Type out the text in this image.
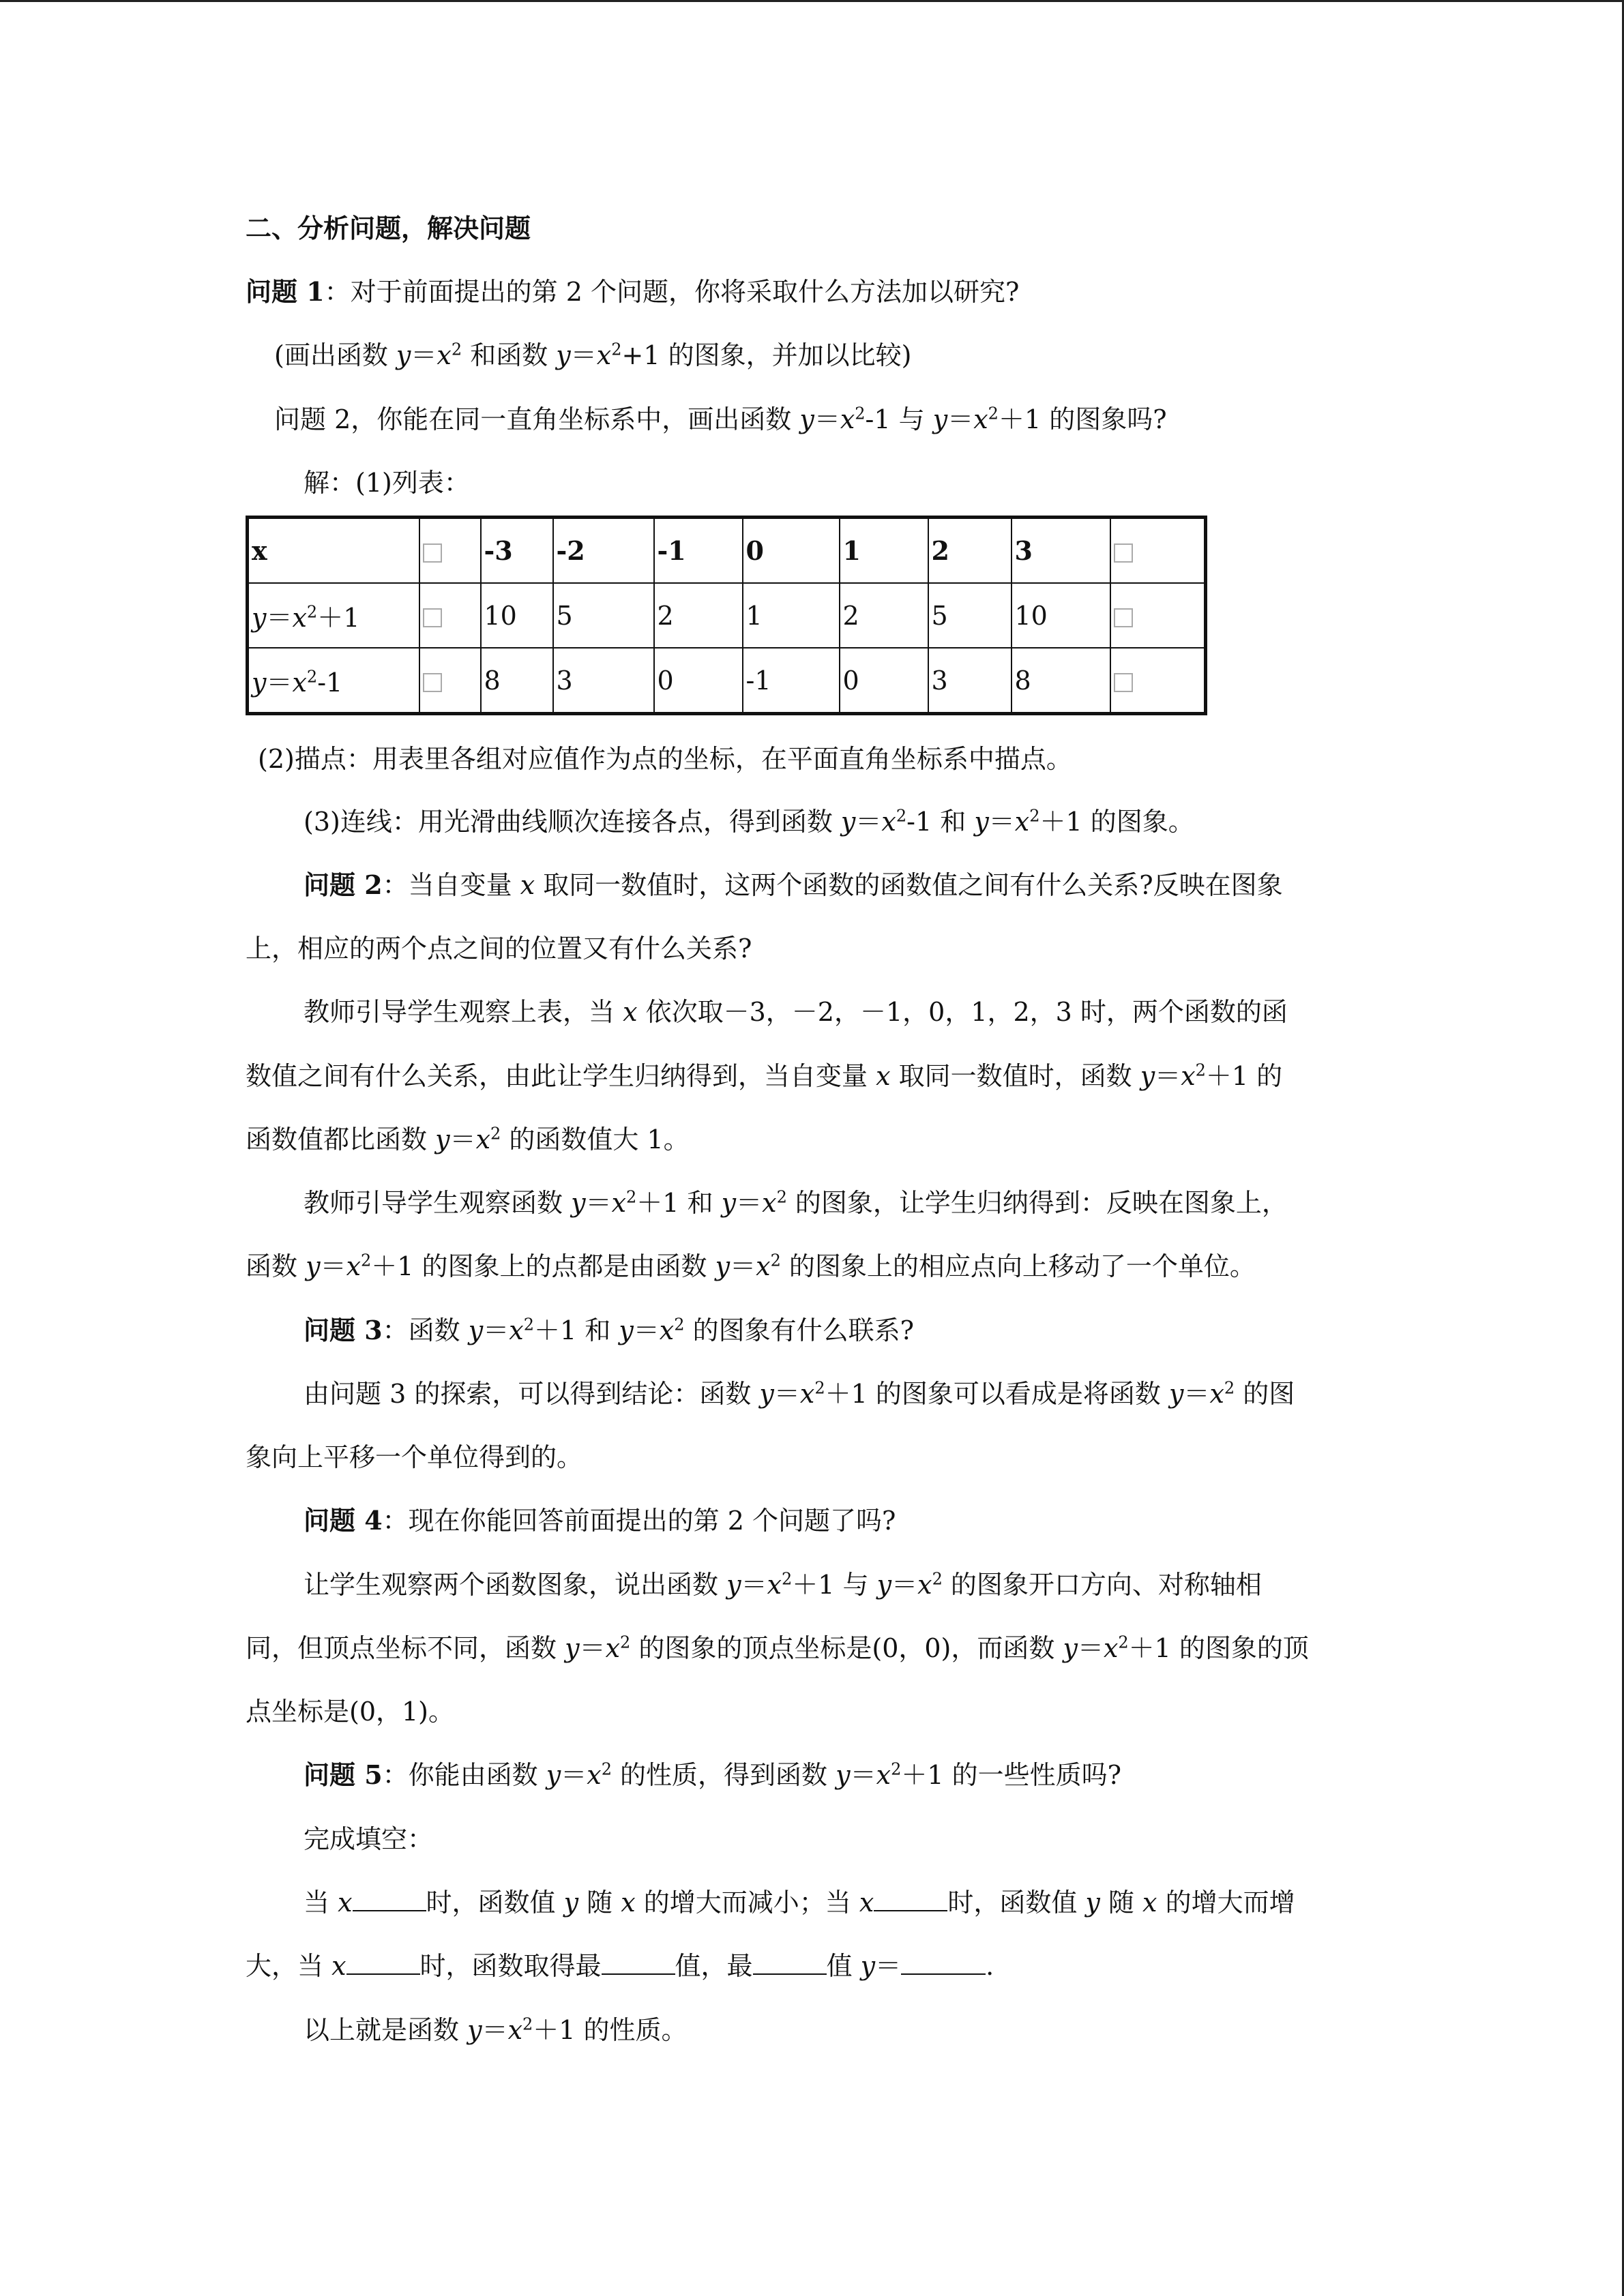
二、分析问题，解决问题
问题 1：对于前面提出的第 2 个问题，你将采取什么方法加以研究?
(画出函数 $y=x^2$ 和函数 $y=x^2+1$ 的图象，并加以比较)
问题 2，你能在同一直角坐标系中，画出函数 $y=x^2-1$ 与 $y=x^2+1$ 的图象吗?
解：(1)列表：
x		-3	-2	-1	0	1	2	3	
$y=x^2+1$		10	5	2	1	2	5	10	
$y=x^2-1$		8	3	0	-1	0	3	8	
(2)描点：用表里各组对应值作为点的坐标，在平面直角坐标系中描点。
(3)连线：用光滑曲线顺次连接各点，得到函数 $y=x^2-1$ 和 $y=x^2+1$ 的图象。
问题 2：当自变量 x 取同一数值时，这两个函数的函数值之间有什么关系?反映在图象
上，相应的两个点之间的位置又有什么关系?
教师引导学生观察上表，当 x 依次取－3，－2，－1，0，1，2，3 时，两个函数的函
数值之间有什么关系，由此让学生归纳得到，当自变量 x 取同一数值时，函数 $y=x^2+1$ 的
函数值都比函数 $y=x^2$ 的函数值大 1。
教师引导学生观察函数 $y=x^2+1$ 和 $y=x^2$ 的图象，让学生归纳得到：反映在图象上，
函数 $y=x^2+1$ 的图象上的点都是由函数 $y=x^2$ 的图象上的相应点向上移动了一个单位。
问题 3：函数 $y=x^2+1$ 和 $y=x^2$ 的图象有什么联系?
由问题 3 的探索，可以得到结论：函数 $y=x^2+1$ 的图象可以看成是将函数 $y=x^2$ 的图
象向上平移一个单位得到的。
问题 4：现在你能回答前面提出的第 2 个问题了吗?
让学生观察两个函数图象，说出函数 $y=x^2+1$ 与 $y=x^2$ 的图象开口方向、对称轴相
同，但顶点坐标不同，函数 $y=x^2$ 的图象的顶点坐标是(0，0)，而函数 $y=x^2+1$ 的图象的顶
点坐标是(0，1)。
问题 5：你能由函数 $y=x^2$ 的性质，得到函数 $y=x^2+1$ 的一些性质吗?
完成填空：
当 x	时，函数值 y 随 x 的增大而减小；当 x	时，函数值 y 随 x 的增大而增
大，当 x	时，函数取得最	值，最	值 y＝	.
以上就是函数 $y=x^2+1$ 的性质。
